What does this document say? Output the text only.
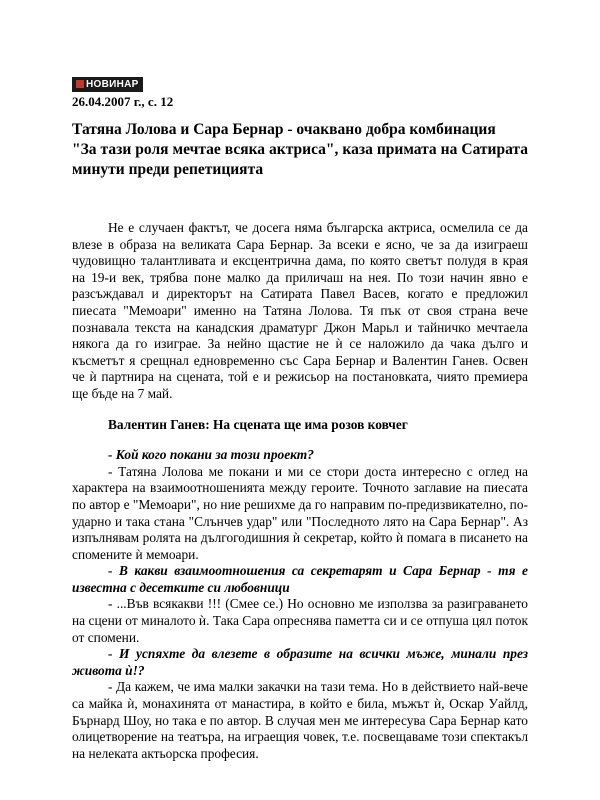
НОВИНАР
26.04.2007 г., с. 12
Татяна Лолова и Сара Бернар - очаквано добра комбинация
"За тази роля мечтае всяка актриса", каза примата на Сатирата минути преди репетицията

Не е случаен фактът, че досега няма българска актриса, осмелила се да влезе в образа на великата Сара Бернар. За всеки е ясно, че за да изиграеш чудовищно талантливата и ексцентрична дама, по която светът полудя в края на 19-и век, трябва поне малко да приличаш на нея. По този начин явно е разсъждавал и директорът на Сатирата Павел Васев, когато е предложил пиесата "Мемоари" именно на Татяна Лолова. Тя пък от своя страна вече познавала текста на канадския драматург Джон Марьл и тайничко мечтаела някога да го изиграе. За нейно щастие не ѝ се наложило да чака дълго и късметът я срещнал едновременно със Сара Бернар и Валентин Ганев. Освен че ѝ партнира на сцената, той е и режисьор на постановката, чиято премиера ще бъде на 7 май.

Валентин Ганев: На сцената ще има розов ковчег

- Кой кого покани за този проект?

- Татяна Лолова ме покани и ми се стори доста интересно с оглед на характера на взаимоотношенията между героите. Точното заглавие на пиесата по автор е "Мемоари", но ние решихме да го направим по-предизвикателно, по-ударно и така стана "Слънчев удар" или "Последното лято на Сара Бернар". Аз изпълнявам ролята на дългогодишния ѝ секретар, който ѝ помага в писането на спомените ѝ мемоари.

- В какви взаимоотношения са секретарят и Сара Бернар - тя е известна с десетките си любовници

- ...Във всякакви !!! (Смее се.) Но основно ме използва за разиграването на сцени от миналото ѝ. Така Сара опреснява паметта си и се отпуша цял поток от спомени.

- И успяхте да влезете в образите на всички мъже, минали през живота ѝ!?

- Да кажем, че има малки закачки на тази тема. Но в действието най-вече са майка ѝ, монахинята от манастира, в който е била, мъжът ѝ, Оскар Уайлд, Бърнард Шоу, но така е по автор. В случая мен ме интересува Сара Бернар като олицетворение на театъра, на играещия човек, т.е. посвещаваме този спектакъл на нелеката актьорска професия.
